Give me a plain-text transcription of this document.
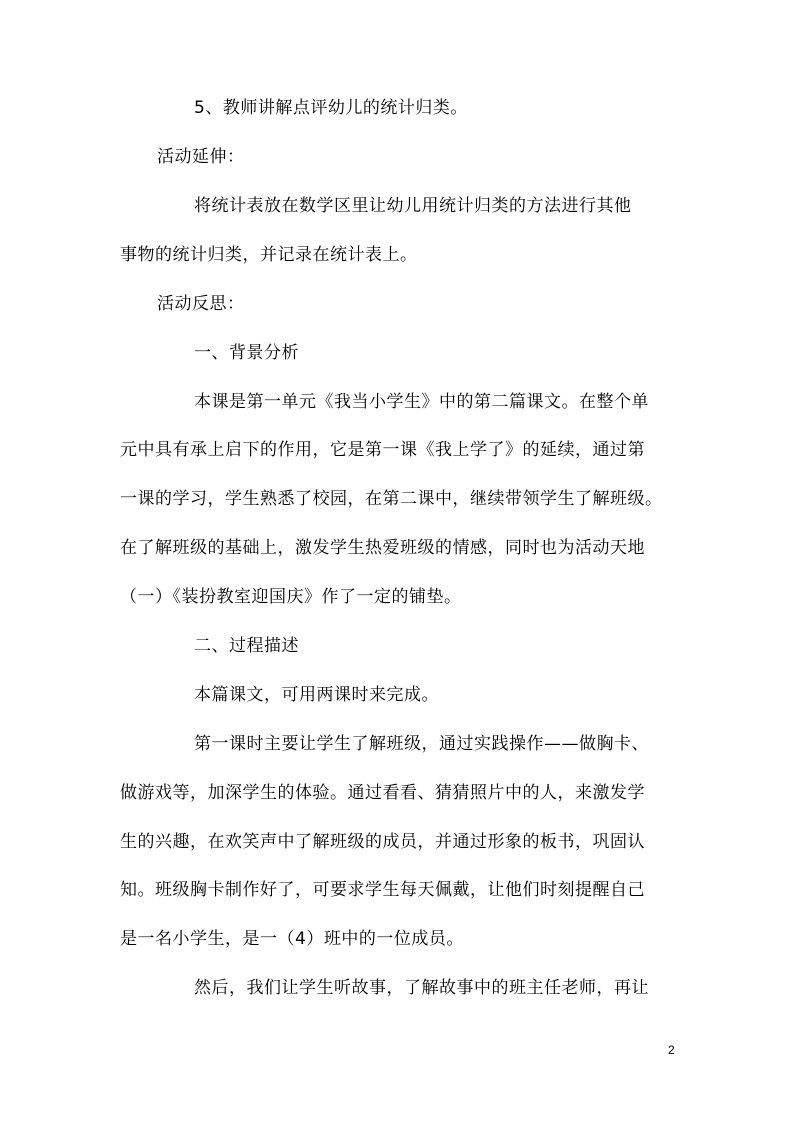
5、教师讲解点评幼儿的统计归类。
活动延伸：
将统计表放在数学区里让幼儿用统计归类的方法进行其他
事物的统计归类，并记录在统计表上。
活动反思：
一、背景分析
本课是第一单元《我当小学生》中的第二篇课文。在整个单
元中具有承上启下的作用，它是第一课《我上学了》的延续，通过第
一课的学习，学生熟悉了校园，在第二课中，继续带领学生了解班级。
在了解班级的基础上，激发学生热爱班级的情感，同时也为活动天地
（一）《装扮教室迎国庆》作了一定的铺垫。
二、过程描述
本篇课文，可用两课时来完成。
第一课时主要让学生了解班级，通过实践操作——做胸卡、
做游戏等，加深学生的体验。通过看看、猜猜照片中的人，来激发学
生的兴趣，在欢笑声中了解班级的成员，并通过形象的板书，巩固认
知。班级胸卡制作好了，可要求学生每天佩戴，让他们时刻提醒自己
是一名小学生，是一（4）班中的一位成员。
然后，我们让学生听故事，了解故事中的班主任老师，再让
2
